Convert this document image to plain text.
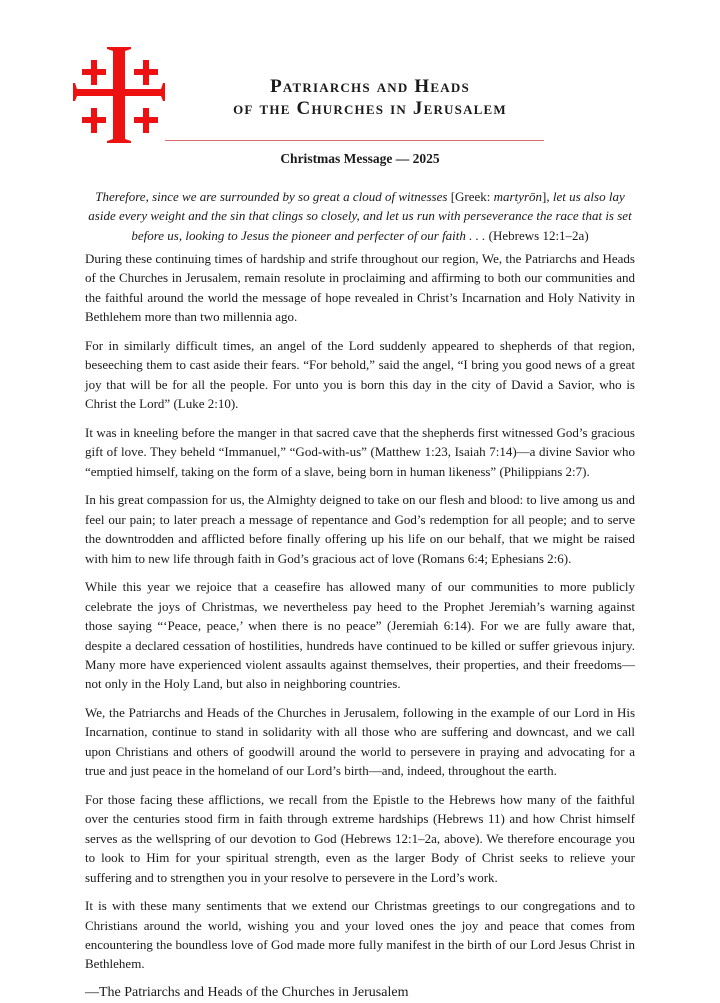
Patriarchs and Heads
of the Churches in Jerusalem
Christmas Message — 2025
Therefore, since we are surrounded by so great a cloud of witnesses [Greek: martyrōn], let us also lay aside every weight and the sin that clings so closely, and let us run with perseverance the race that is set before us, looking to Jesus the pioneer and perfecter of our faith . . . (Hebrews 12:1–2a)

During these continuing times of hardship and strife throughout our region, We, the Patriarchs and Heads of the Churches in Jerusalem, remain resolute in proclaiming and affirming to both our communities and the faithful around the world the message of hope revealed in Christ’s Incarnation and Holy Nativity in Bethlehem more than two millennia ago.

For in similarly difficult times, an angel of the Lord suddenly appeared to shepherds of that region, beseeching them to cast aside their fears. “For behold,” said the angel, “I bring you good news of a great joy that will be for all the people. For unto you is born this day in the city of David a Savior, who is Christ the Lord” (Luke 2:10).

It was in kneeling before the manger in that sacred cave that the shepherds first witnessed God’s gracious gift of love. They beheld “Immanuel,” “God-with-us” (Matthew 1:23, Isaiah 7:14)—a divine Savior who “emptied himself, taking on the form of a slave, being born in human likeness” (Philippians 2:7).

In his great compassion for us, the Almighty deigned to take on our flesh and blood: to live among us and feel our pain; to later preach a message of repentance and God’s redemption for all people; and to serve the downtrodden and afflicted before finally offering up his life on our behalf, that we might be raised with him to new life through faith in God’s gracious act of love (Romans 6:4; Ephesians 2:6).

While this year we rejoice that a ceasefire has allowed many of our communities to more publicly celebrate the joys of Christmas, we nevertheless pay heed to the Prophet Jeremiah’s warning against those saying “‘Peace, peace,’ when there is no peace” (Jeremiah 6:14). For we are fully aware that, despite a declared cessation of hostilities, hundreds have continued to be killed or suffer grievous injury. Many more have experienced violent assaults against themselves, their properties, and their freedoms—not only in the Holy Land, but also in neighboring countries.

We, the Patriarchs and Heads of the Churches in Jerusalem, following in the example of our Lord in His Incarnation, continue to stand in solidarity with all those who are suffering and downcast, and we call upon Christians and others of goodwill around the world to persevere in praying and advocating for a true and just peace in the homeland of our Lord’s birth—and, indeed, throughout the earth.

For those facing these afflictions, we recall from the Epistle to the Hebrews how many of the faithful over the centuries stood firm in faith through extreme hardships (Hebrews 11) and how Christ himself serves as the wellspring of our devotion to God (Hebrews 12:1–2a, above). We therefore encourage you to look to Him for your spiritual strength, even as the larger Body of Christ seeks to relieve your suffering and to strengthen you in your resolve to persevere in the Lord’s work.

It is with these many sentiments that we extend our Christmas greetings to our congregations and to Christians around the world, wishing you and your loved ones the joy and peace that comes from encountering the boundless love of God made more fully manifest in the birth of our Lord Jesus Christ in Bethlehem.

—The Patriarchs and Heads of the Churches in Jerusalem
